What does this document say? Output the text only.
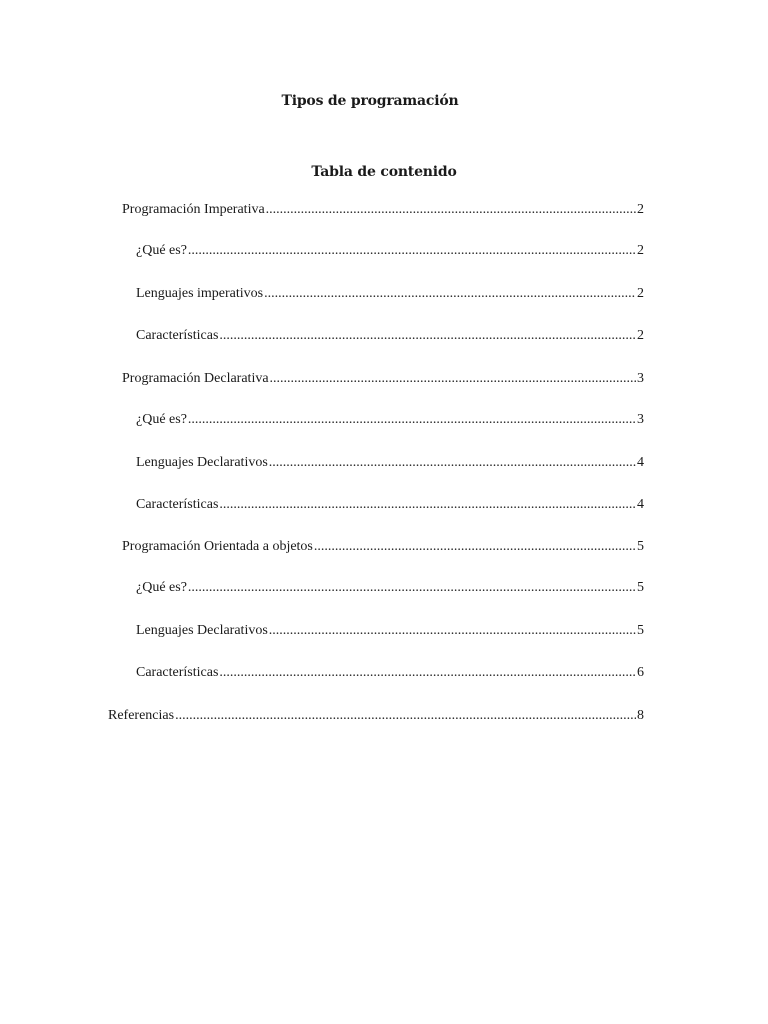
Tipos de programación
Tabla de contenido
Programación Imperativa .....	2
¿Qué es? .....	2
Lenguajes imperativos .....	2
Características .....	2
Programación Declarativa .....	3
¿Qué es? .....	3
Lenguajes Declarativos .....	4
Características .....	4
Programación Orientada a objetos .....	5
¿Qué es? .....	5
Lenguajes Declarativos .....	5
Características .....	6
Referencias .....	8
